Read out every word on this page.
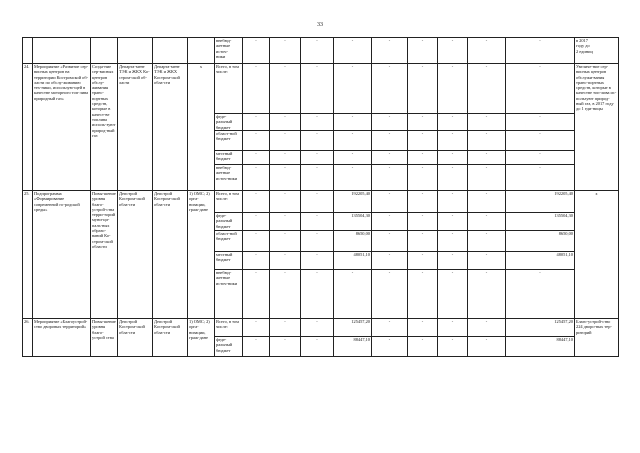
33
						внебюд-
жетные
источ-
ники	-	-	-	-	-	-	-	-	-	в 2017
году до
2 единиц
24.	Мероприятие «Развитие сер-висных центров на территории Костромской об-ласти по обслу-живанию тех-ники, использую-щей в качестве моторного топ-лива природный газ»	Созда-ние сер-висных центров обслу-живания транс-портных средств, которые в качест-ве топлива исполь-зуют природ-ный газ	Департа-мент ТЭК и ЖКХ Ко-стром-ской об-ласти	Департа-мент ТЭК и ЖКХ Костром-ской обла-сти	x	Всего, в том числе:	-	-	-	-	-	-	-	-	-	Увеличе-ние сер-висных центров обслужи-вания транс-портных средств, которые в качестве топ-лива ис-пользуют природ-ный газ, в 2017 году до 1 еди-ницы
						феде-ральный бюджет	-	-	-	-	-	-	-	-	-	
						област-ной бюджет	-	-	-	-	-	-	-	-	-	
						местный бюджет	-	-	-	-	-	-	-	-	-	
						внебюд-жетные источ-ники	-	-	-	-	-	-	-	-	-	
25.	Подпрограмма «Формирование современной го-родской среды»	Повы-шение уровня благо-устрой-ства терри-торий муни-ци-паль-ных образо-ваний Ко-стром-ской области	Депстрой Костром-ской обла-сти	Депстрой Костром-ской обла-сти	1) ОМС; 2) орга-низации, граж-дане	Всего, в том числе:	-	-	-	192205,40	-	-	-	-	192205,40	x
						феде-ральный бюджет	-	-	-	135504,30	-	-	-	-	135504,30	
						област-ной бюджет	-	-	-	8650,00	-	-	-	-	8650,00	
						местный бюджет	-	-	-	48051,10	-	-	-	-	48051,10	
						внебюд-жетные источ-ники	-	-	-	-	-	-	-	-	-	
26.	Мероприятие «Благоустрой-ство дворовых территорий»	Повы-шение уровня благо-устрой ства	Депстрой Костром-ской обла-сти	Депстрой Костром-ской обла-сти	1) ОМС; 2) орга-низации, граж-дане	Всего, в том числе:	-	-	-	125457,20	-	-	-	-	125457,20	Благо-устрой-ство 224 дворо-вых тер-риторий
						феде-ральный бюджет	-	-	-	88447,10	-	-	-	-	88447,10	
